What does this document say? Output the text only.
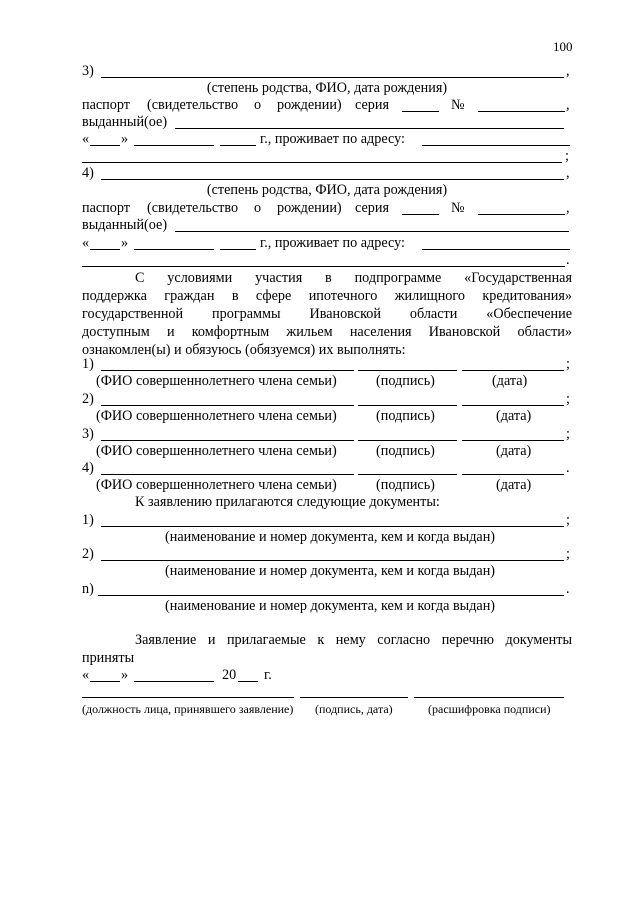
100
3)	,
(степень родства, ФИО, дата рождения)
паспорт (свидетельство о рождении) серия	№	,
выданный(ое)
« »	г., проживает по адресу:
;
4)	,
(степень родства, ФИО, дата рождения)
паспорт (свидетельство о рождении) серия	№	,
выданный(ое)
« »	г., проживает по адресу:
.
С условиями участия в подпрограмме «Государственная
поддержка граждан в сфере ипотечного жилищного кредитования»
государственной программы Ивановской области «Обеспечение
доступным и комфортным жильем населения Ивановской области»
ознакомлен(ы) и обязуюсь (обязуемся) их выполнять:
1)	;
(ФИО совершеннолетнего члена семьи)	(подпись)	(дата)
2)	;
(ФИО совершеннолетнего члена семьи)	(подпись)	(дата)
3)	;
(ФИО совершеннолетнего члена семьи)	(подпись)	(дата)
4)	.
(ФИО совершеннолетнего члена семьи)	(подпись)	(дата)
К заявлению прилагаются следующие документы:
1)	;
(наименование и номер документа, кем и когда выдан)
2)	;
(наименование и номер документа, кем и когда выдан)
n)	.
(наименование и номер документа, кем и когда выдан)
Заявление и прилагаемые к нему согласно перечню документы
приняты
« »	20 г.
(должность лица, принявшего заявление) (подпись, дата)	(расшифровка подписи)
